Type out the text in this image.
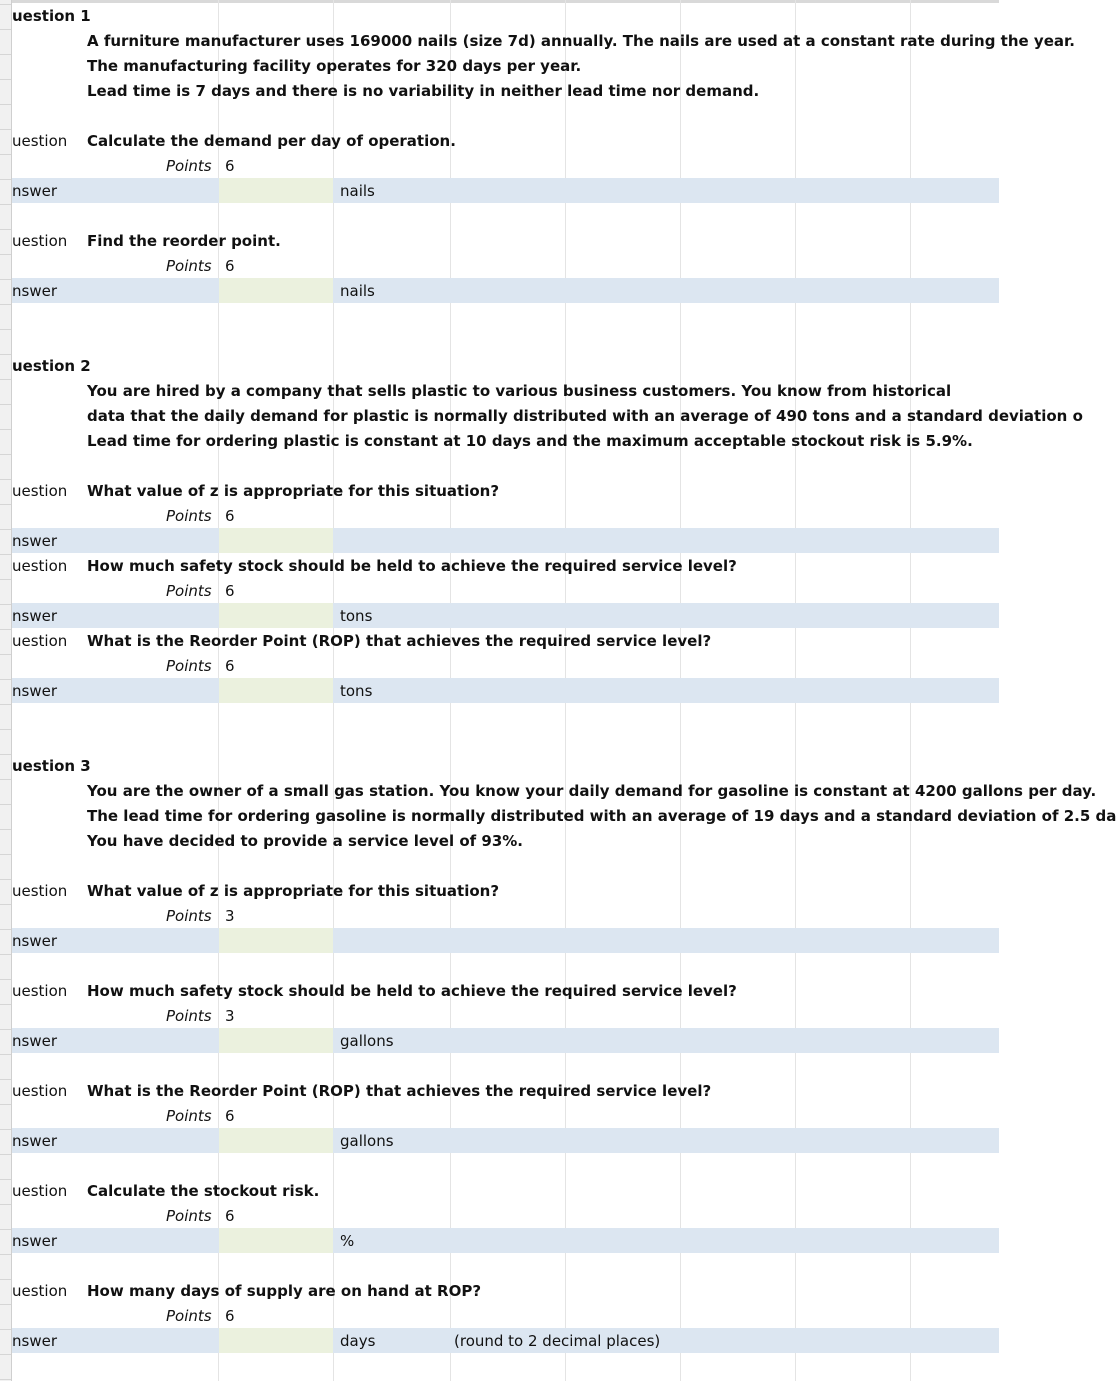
uestion 1
A furniture manufacturer uses 169000 nails (size 7d) annually. The nails are used at a constant rate during the year.
The manufacturing facility operates for 320 days per year.
Lead time is 7 days and there is no variability in neither lead time nor demand.
uestion Calculate the demand per day of operation.
Points 6
nswer	nails
uestion Find the reorder point.
Points 6
nswer	nails
uestion 2
You are hired by a company that sells plastic to various business customers. You know from historical
data that the daily demand for plastic is normally distributed with an average of 490 tons and a standard deviation o
Lead time for ordering plastic is constant at 10 days and the maximum acceptable stockout risk is 5.9%.
uestion What value of z is appropriate for this situation?
Points 6
nswer
uestion How much safety stock should be held to achieve the required service level?
Points 6
nswer	tons
uestion What is the Reorder Point (ROP) that achieves the required service level?
Points 6
nswer	tons
uestion 3
You are the owner of a small gas station. You know your daily demand for gasoline is constant at 4200 gallons per day.
The lead time for ordering gasoline is normally distributed with an average of 19 days and a standard deviation of 2.5 da
You have decided to provide a service level of 93%.
uestion What value of z is appropriate for this situation?
Points 3
nswer
uestion How much safety stock should be held to achieve the required service level?
Points 3
nswer	gallons
uestion What is the Reorder Point (ROP) that achieves the required service level?
Points 6
nswer	gallons
uestion Calculate the stockout risk.
Points 6
nswer	%
uestion How many days of supply are on hand at ROP?
Points 6
nswer	days	(round to 2 decimal places)
